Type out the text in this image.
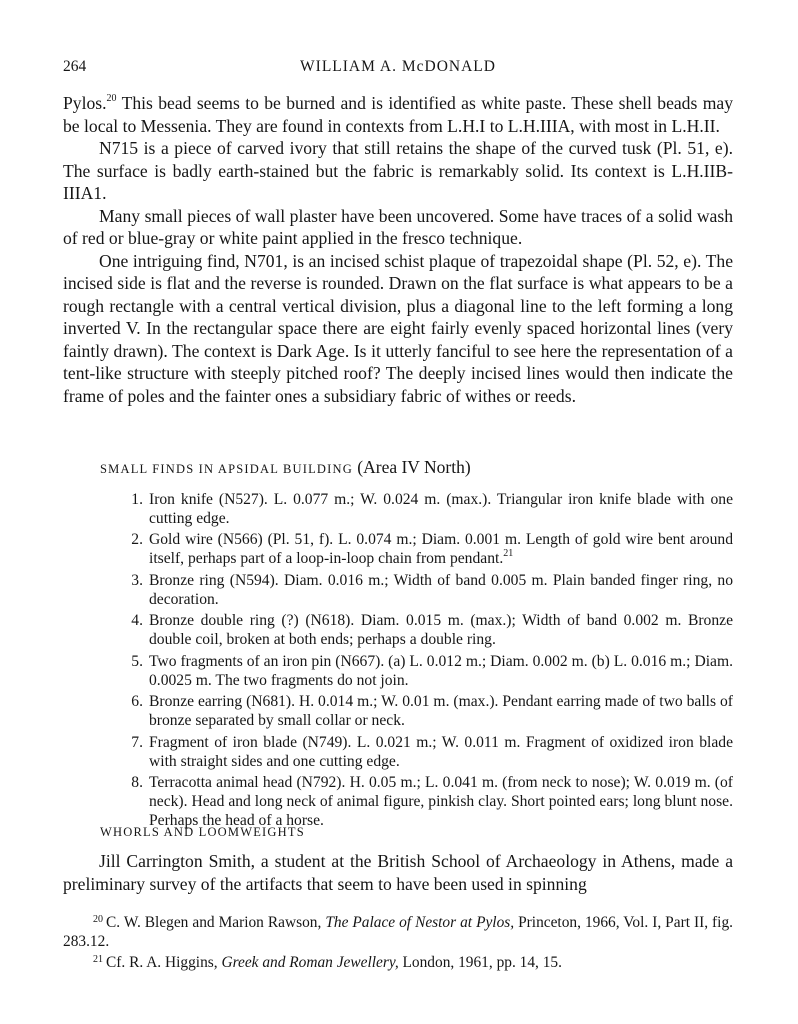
264	WILLIAM A. McDONALD

Pylos.$^{20}$ This bead seems to be burned and is identified as white paste. These shell beads may be local to Messenia. They are found in contexts from L.H.I to L.H.IIIA, with most in L.H.II.

N715 is a piece of carved ivory that still retains the shape of the curved tusk (Pl. 51, e). The surface is badly earth-stained but the fabric is remarkably solid. Its context is L.H.IIB-IIIA1.

Many small pieces of wall plaster have been uncovered. Some have traces of a solid wash of red or blue-gray or white paint applied in the fresco technique.

One intriguing find, N701, is an incised schist plaque of trapezoidal shape (Pl. 52, e). The incised side is flat and the reverse is rounded. Drawn on the flat surface is what appears to be a rough rectangle with a central vertical division, plus a diagonal line to the left forming a long inverted V. In the rectangular space there are eight fairly evenly spaced horizontal lines (very faintly drawn). The context is Dark Age. Is it utterly fanciful to see here the representation of a tent-like structure with steeply pitched roof? The deeply incised lines would then indicate the frame of poles and the fainter ones a subsidiary fabric of withes or reeds.

SMALL FINDS IN APSIDAL BUILDING (Area IV North)
1. Iron knife (N527). L. 0.077 m.; W. 0.024 m. (max.). Triangular iron knife blade with one cutting edge.
2. Gold wire (N566) (Pl. 51, f). L. 0.074 m.; Diam. 0.001 m. Length of gold wire bent around itself, perhaps part of a loop-in-loop chain from pendant.$^{21}$
3. Bronze ring (N594). Diam. 0.016 m.; Width of band 0.005 m. Plain banded finger ring, no decoration.
4. Bronze double ring (?) (N618). Diam. 0.015 m. (max.); Width of band 0.002 m. Bronze double coil, broken at both ends; perhaps a double ring.
5. Two fragments of an iron pin (N667). (a) L. 0.012 m.; Diam. 0.002 m. (b) L. 0.016 m.; Diam. 0.0025 m. The two fragments do not join.
6. Bronze earring (N681). H. 0.014 m.; W. 0.01 m. (max.). Pendant earring made of two balls of bronze separated by small collar or neck.
7. Fragment of iron blade (N749). L. 0.021 m.; W. 0.011 m. Fragment of oxidized iron blade with straight sides and one cutting edge.
8. Terracotta animal head (N792). H. 0.05 m.; L. 0.041 m. (from neck to nose); W. 0.019 m. (of neck). Head and long neck of animal figure, pinkish clay. Short pointed ears; long blunt nose. Perhaps the head of a horse.
WHORLS AND LOOMWEIGHTS

Jill Carrington Smith, a student at the British School of Archaeology in Athens, made a preliminary survey of the artifacts that seem to have been used in spinning

$^{20}$ C. W. Blegen and Marion Rawson, The Palace of Nestor at Pylos, Princeton, 1966, Vol. I, Part II, fig. 283.12.

$^{21}$ Cf. R. A. Higgins, Greek and Roman Jewellery, London, 1961, pp. 14, 15.
